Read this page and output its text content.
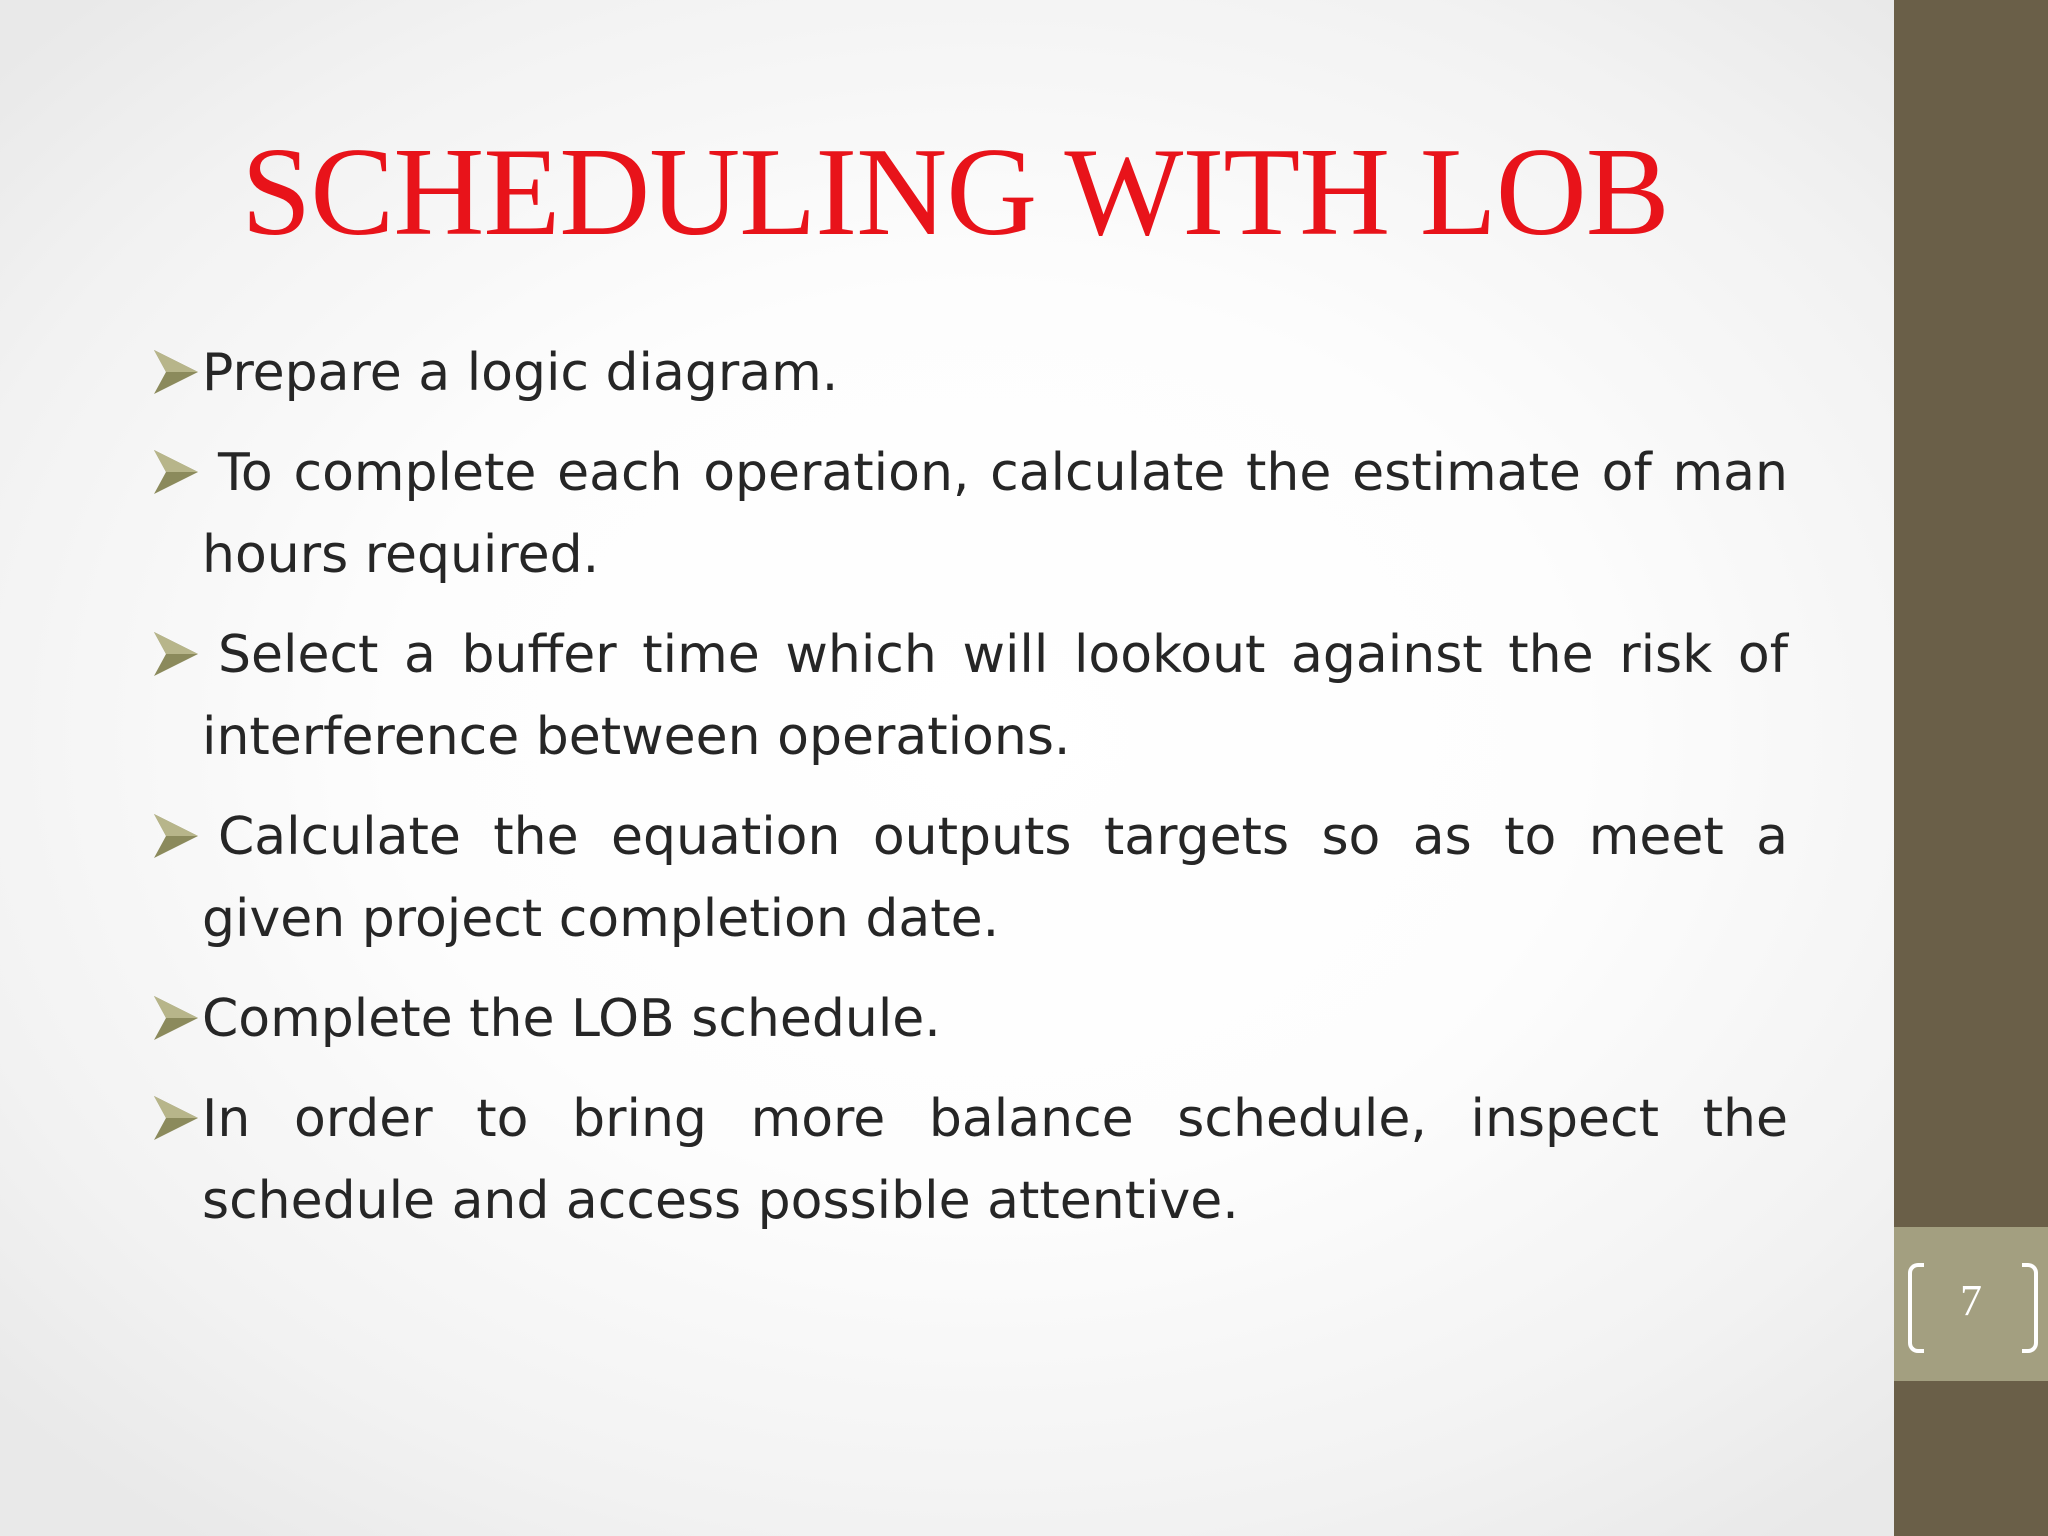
SCHEDULING WITH LOB
Prepare a logic diagram.
To complete each operation, calculate the estimate of man hours required.
Select a buffer time which will lookout against the risk of interference between operations.
Calculate the equation outputs targets so as to meet a given project completion date.
Complete the LOB schedule.
In order to bring more balance schedule, inspect the schedule and access possible attentive.
7
